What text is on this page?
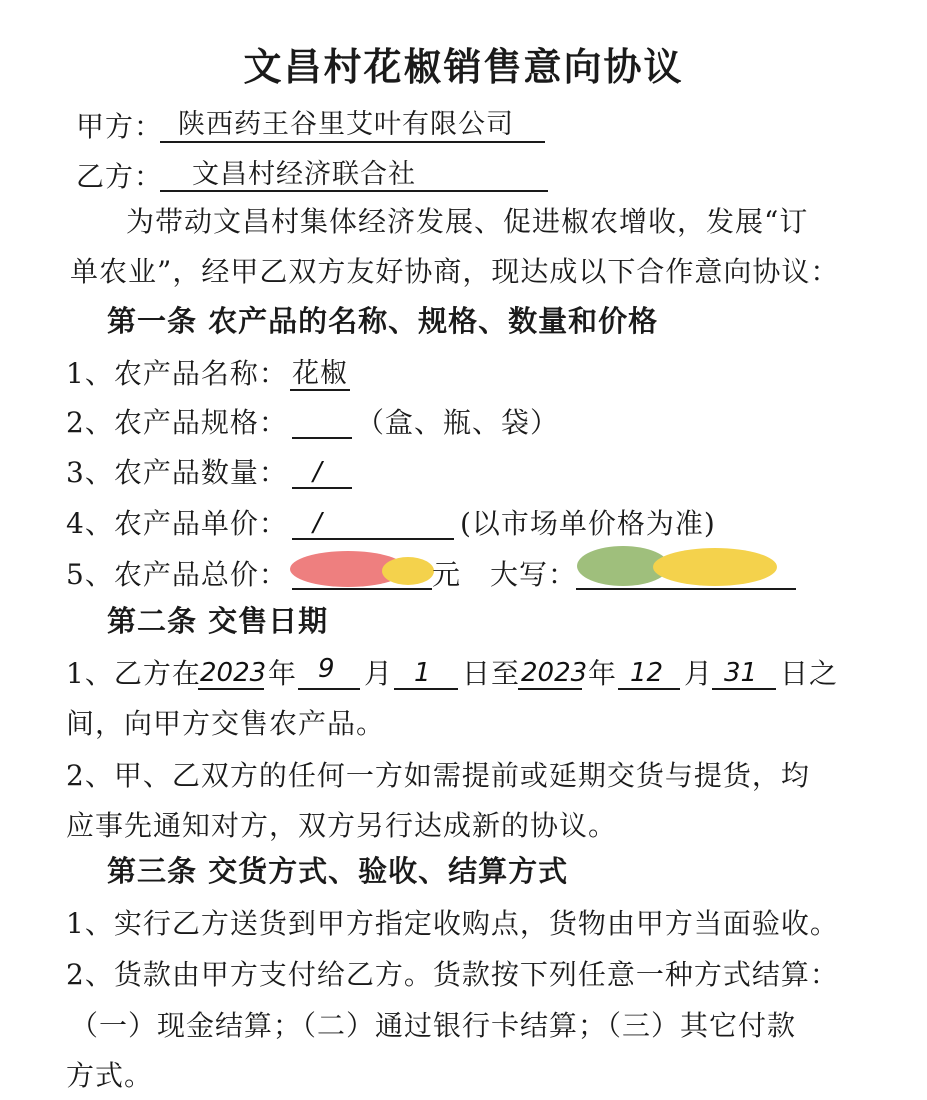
文昌村花椒销售意向协议
甲方： 陕西药王谷里艾叶有限公司
乙方： 文昌村经济联合社
为带动文昌村集体经济发展、促进椒农增收，发展“订
单农业”，经甲乙双方友好协商，现达成以下合作意向协议：
第一条 农产品的名称、规格、数量和价格
1、农产品名称： 花椒
2、农产品规格： （盒、瓶、袋）
3、农产品数量： /
4、农产品单价： /	(以市场单价格为准)
5、农产品总价：	元 大写：
第二条 交售日期
1、乙方在 2023 年 9 月 1 日至 2023 年 12 月 31 日之
间，向甲方交售农产品。
2、甲、乙双方的任何一方如需提前或延期交货与提货，均
应事先通知对方，双方另行达成新的协议。
第三条 交货方式、验收、结算方式
1、实行乙方送货到甲方指定收购点，货物由甲方当面验收。
2、货款由甲方支付给乙方。货款按下列任意一种方式结算：
（一）现金结算；（二）通过银行卡结算；（三）其它付款
方式。
